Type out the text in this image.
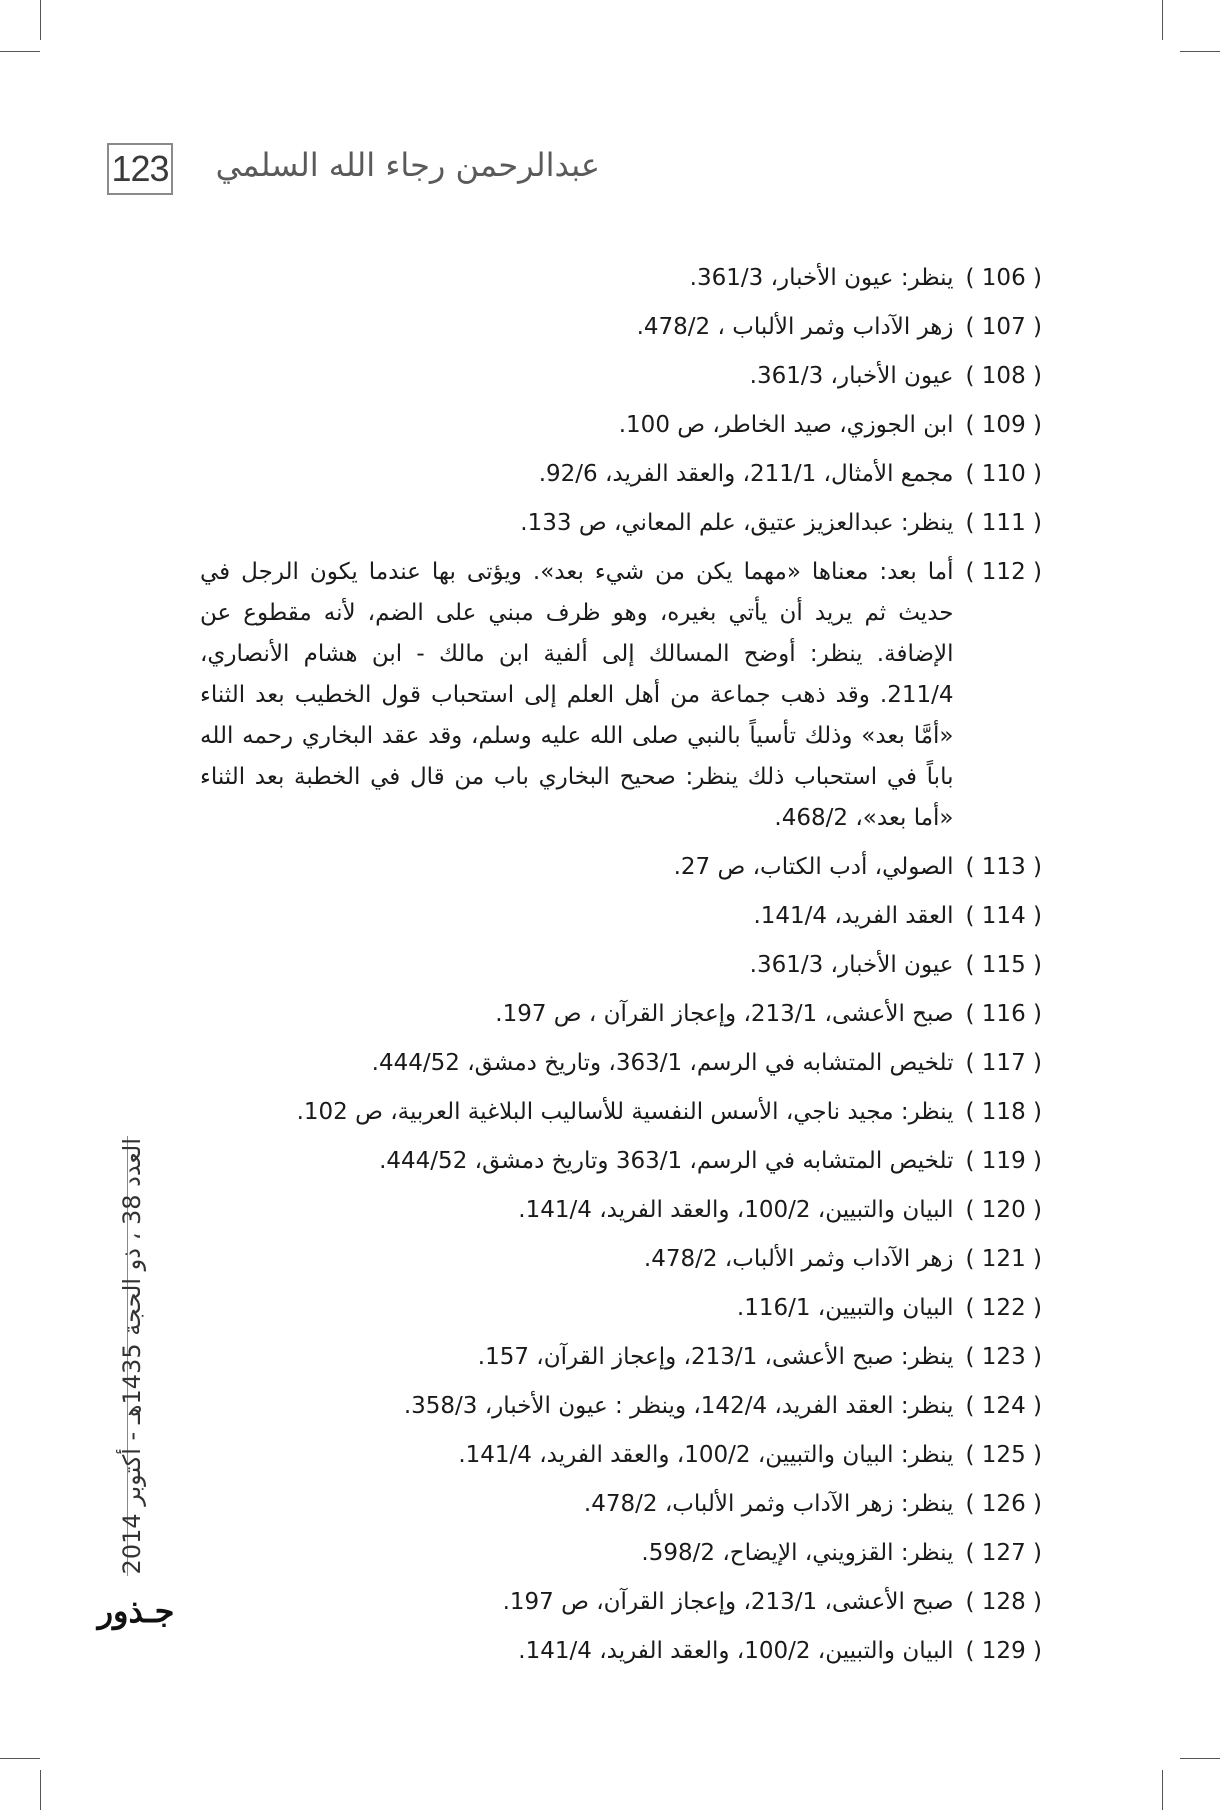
123 عبدالرحمن رجاء الله السلمي
العدد 38 ، ذو الحجة 1435هـ - أكتوبر 2014
جـذور
( 106 )
ينظر: عيون الأخبار، 361/3.
( 107 )
زهر الآداب وثمر الألباب ، 478/2.
( 108 )
عيون الأخبار، 361/3.
( 109 )
ابن الجوزي، صيد الخاطر، ص 100.
( 110 )
مجمع الأمثال، 211/1، والعقد الفريد، 92/6.
( 111 )
ينظر: عبدالعزيز عتيق، علم المعاني، ص 133.
( 112 )
أما بعد: معناها «مهما يكن من شيء بعد». ويؤتى بها عندما يكون الرجل في حديث ثم يريد أن يأتي بغيره، وهو ظرف مبني على الضم، لأنه مقطوع عن الإضافة. ينظر: أوضح المسالك إلى ألفية ابن مالك - ابن هشام الأنصاري، 211/4. وقد ذهب جماعة من أهل العلم إلى استحباب قول الخطيب بعد الثناء «أمَّا بعد» وذلك تأسياً بالنبي صلى الله عليه وسلم، وقد عقد البخاري رحمه الله باباً في استحباب ذلك ينظر: صحيح البخاري باب من قال في الخطبة بعد الثناء «أما بعد»، 468/2.
( 113 )
الصولي، أدب الكتاب، ص 27.
( 114 )
العقد الفريد، 141/4.
( 115 )
عيون الأخبار، 361/3.
( 116 )
صبح الأعشى، 213/1، وإعجاز القرآن ، ص 197.
( 117 )
تلخيص المتشابه في الرسم، 363/1، وتاريخ دمشق، 444/52.
( 118 )
ينظر: مجيد ناجي، الأسس النفسية للأساليب البلاغية العربية، ص 102.
( 119 )
تلخيص المتشابه في الرسم، 363/1 وتاريخ دمشق، 444/52.
( 120 )
البيان والتبيين، 100/2، والعقد الفريد، 141/4.
( 121 )
زهر الآداب وثمر الألباب، 478/2.
( 122 )
البيان والتبيين، 116/1.
( 123 )
ينظر: صبح الأعشى، 213/1، وإعجاز القرآن، 157.
( 124 )
ينظر: العقد الفريد، 142/4، وينظر : عيون الأخبار، 358/3.
( 125 )
ينظر: البيان والتبيين، 100/2، والعقد الفريد، 141/4.
( 126 )
ينظر: زهر الآداب وثمر الألباب، 478/2.
( 127 )
ينظر: القزويني، الإيضاح، 598/2.
( 128 )
صبح الأعشى، 213/1، وإعجاز القرآن، ص 197.
( 129 )
البيان والتبيين، 100/2، والعقد الفريد، 141/4.
